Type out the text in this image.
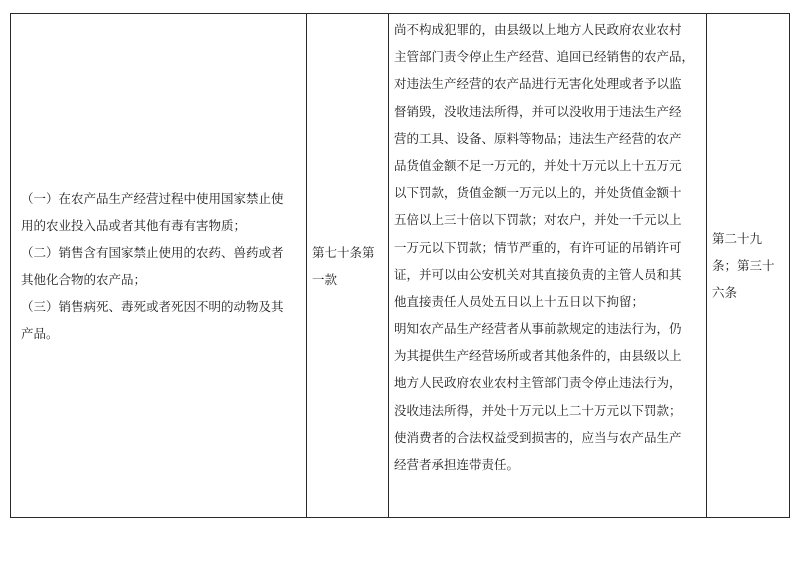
（一）在农产品生产经营过程中使用国家禁止使
用的农业投入品或者其他有毒有害物质；
（二）销售含有国家禁止使用的农药、兽药或者
其他化合物的农产品；
（三）销售病死、毒死或者死因不明的动物及其
产品。

第七十条第
一款

尚不构成犯罪的，由县级以上地方人民政府农业农村
主管部门责令停止生产经营、追回已经销售的农产品，
对违法生产经营的农产品进行无害化处理或者予以监
督销毁，没收违法所得，并可以没收用于违法生产经
营的工具、设备、原料等物品；违法生产经营的农产
品货值金额不足一万元的，并处十万元以上十五万元
以下罚款，货值金额一万元以上的，并处货值金额十
五倍以上三十倍以下罚款；对农户，并处一千元以上
一万元以下罚款；情节严重的，有许可证的吊销许可
证，并可以由公安机关对其直接负责的主管人员和其
他直接责任人员处五日以上十五日以下拘留；
明知农产品生产经营者从事前款规定的违法行为，仍
为其提供生产经营场所或者其他条件的，由县级以上
地方人民政府农业农村主管部门责令停止违法行为，
没收违法所得，并处十万元以上二十万元以下罚款；
使消费者的合法权益受到损害的，应当与农产品生产
经营者承担连带责任。

第二十九
条；第三十
六条
